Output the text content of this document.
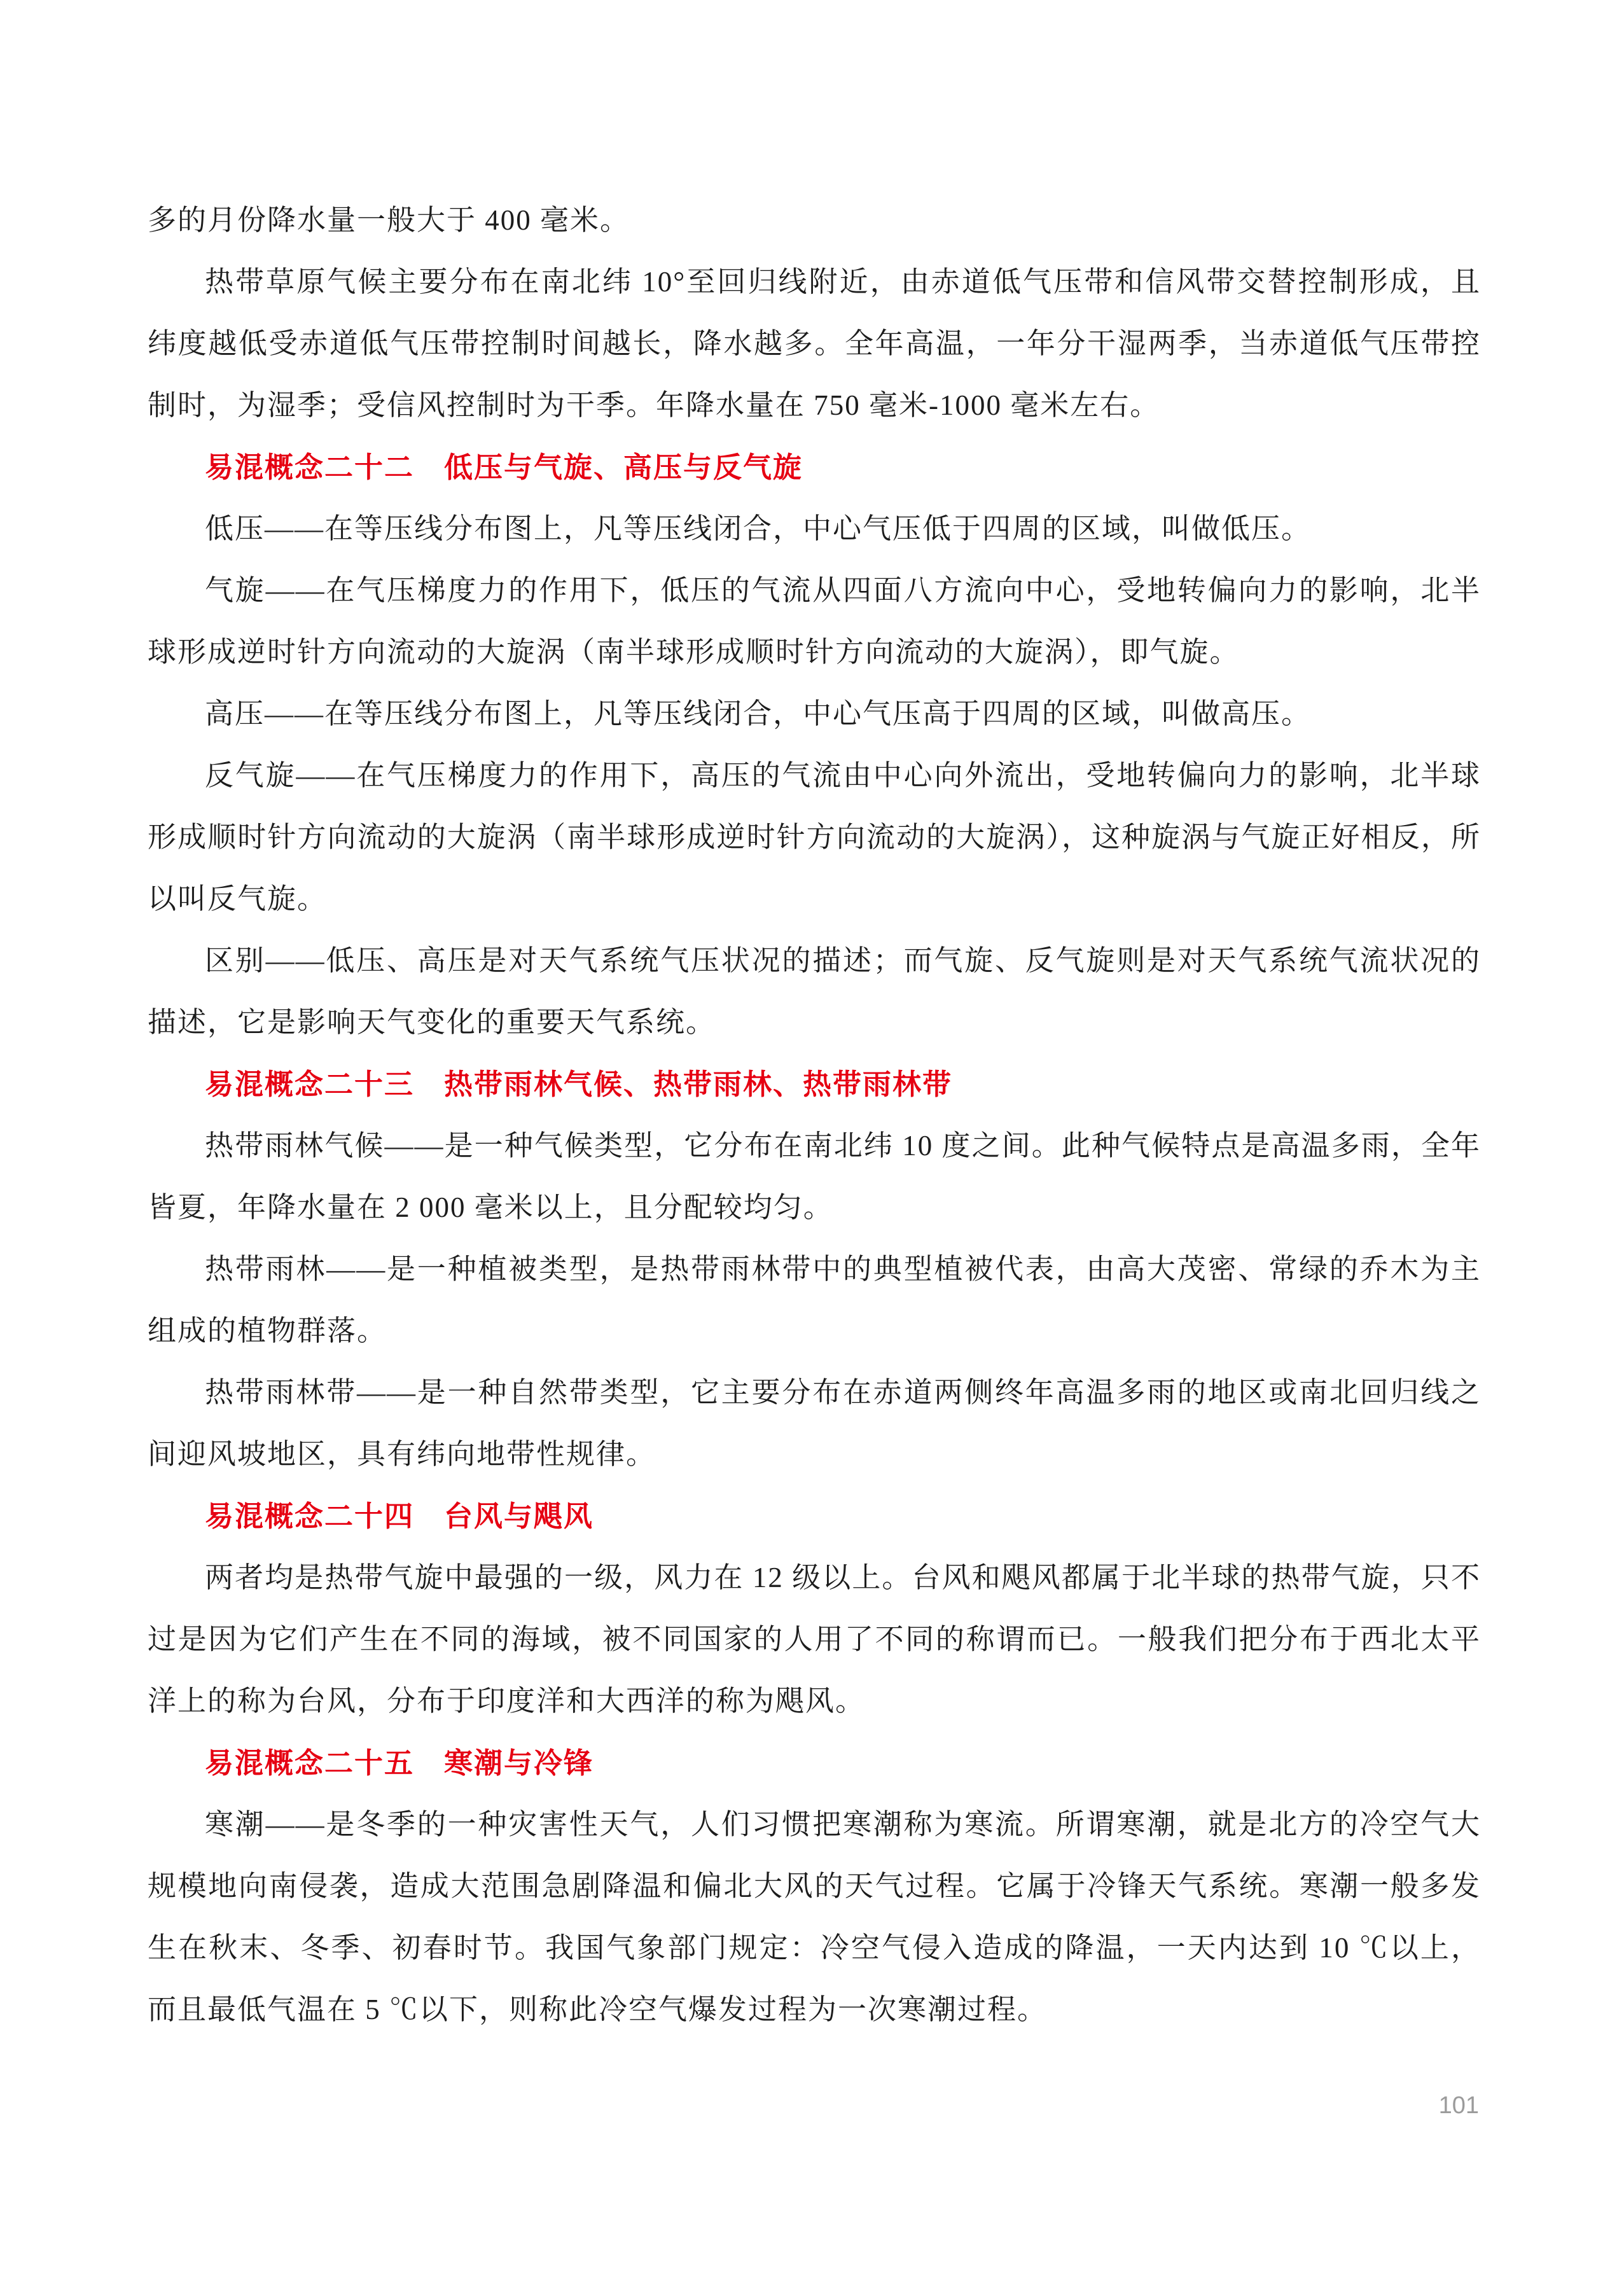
多的月份降水量一般大于 400 毫米。

热带草原气候主要分布在南北纬 10°至回归线附近，由赤道低气压带和信风带交替控制形成，且纬度越低受赤道低气压带控制时间越长，降水越多。全年高温，一年分干湿两季，当赤道低气压带控制时，为湿季；受信风控制时为干季。年降水量在 750 毫米-1000 毫米左右。

易混概念二十二　低压与气旋、高压与反气旋

低压——在等压线分布图上，凡等压线闭合，中心气压低于四周的区域，叫做低压。

气旋——在气压梯度力的作用下，低压的气流从四面八方流向中心，受地转偏向力的影响，北半球形成逆时针方向流动的大旋涡（南半球形成顺时针方向流动的大旋涡），即气旋。

高压——在等压线分布图上，凡等压线闭合，中心气压高于四周的区域，叫做高压。

反气旋——在气压梯度力的作用下，高压的气流由中心向外流出，受地转偏向力的影响，北半球形成顺时针方向流动的大旋涡（南半球形成逆时针方向流动的大旋涡），这种旋涡与气旋正好相反，所以叫反气旋。

区别——低压、高压是对天气系统气压状况的描述；而气旋、反气旋则是对天气系统气流状况的描述，它是影响天气变化的重要天气系统。

易混概念二十三　热带雨林气候、热带雨林、热带雨林带

热带雨林气候——是一种气候类型，它分布在南北纬 10 度之间。此种气候特点是高温多雨，全年皆夏，年降水量在 2 000 毫米以上，且分配较均匀。

热带雨林——是一种植被类型，是热带雨林带中的典型植被代表，由高大茂密、常绿的乔木为主组成的植物群落。

热带雨林带——是一种自然带类型，它主要分布在赤道两侧终年高温多雨的地区或南北回归线之间迎风坡地区，具有纬向地带性规律。

易混概念二十四　台风与飓风

两者均是热带气旋中最强的一级，风力在 12 级以上。台风和飓风都属于北半球的热带气旋，只不过是因为它们产生在不同的海域，被不同国家的人用了不同的称谓而已。一般我们把分布于西北太平洋上的称为台风，分布于印度洋和大西洋的称为飓风。

易混概念二十五　寒潮与冷锋

寒潮——是冬季的一种灾害性天气，人们习惯把寒潮称为寒流。所谓寒潮，就是北方的冷空气大规模地向南侵袭，造成大范围急剧降温和偏北大风的天气过程。它属于冷锋天气系统。寒潮一般多发生在秋末、冬季、初春时节。我国气象部门规定：冷空气侵入造成的降温，一天内达到 10 ℃以上，而且最低气温在 5 ℃以下，则称此冷空气爆发过程为一次寒潮过程。

101
